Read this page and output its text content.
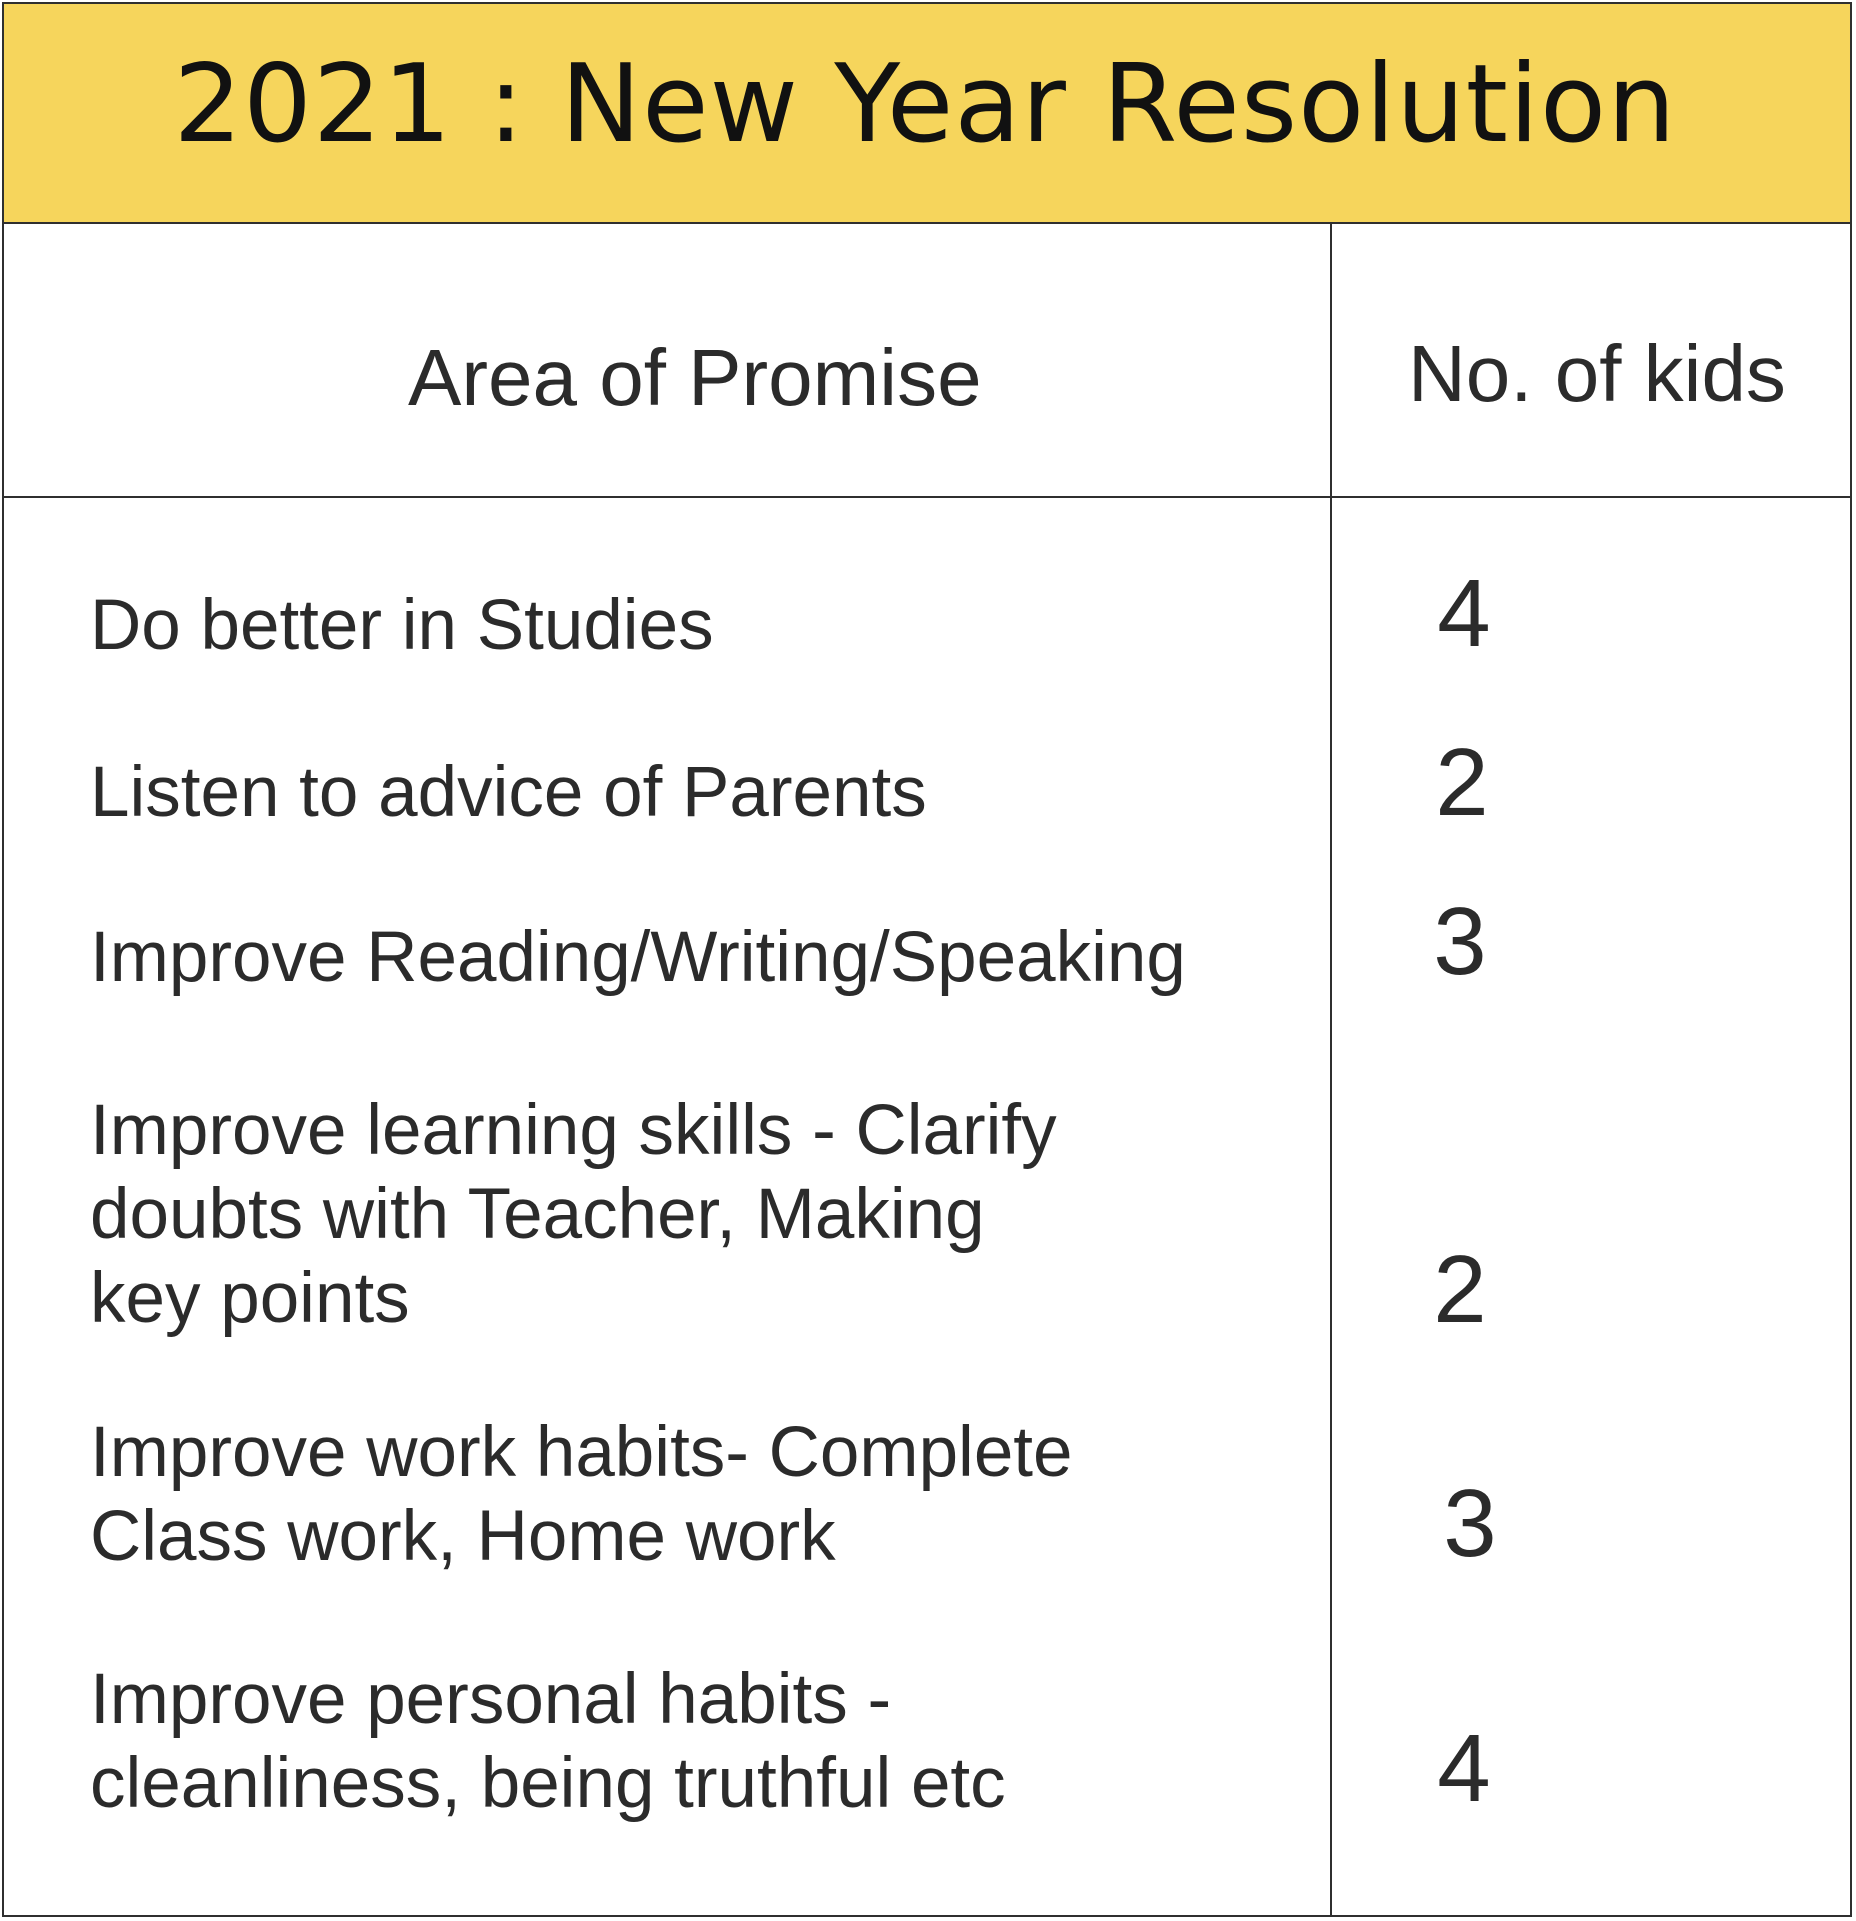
2021 : New Year Resolution
Area of Promise	No. of kids
Do better in Studies	4
Listen to advice of Parents	2
Improve Reading/Writing/Speaking	3
Improve learning skills - Clarify
doubts with Teacher, Making
key points	2
Improve work habits- Complete
Class work, Home work	3
Improve personal habits -
cleanliness, being truthful etc	4
